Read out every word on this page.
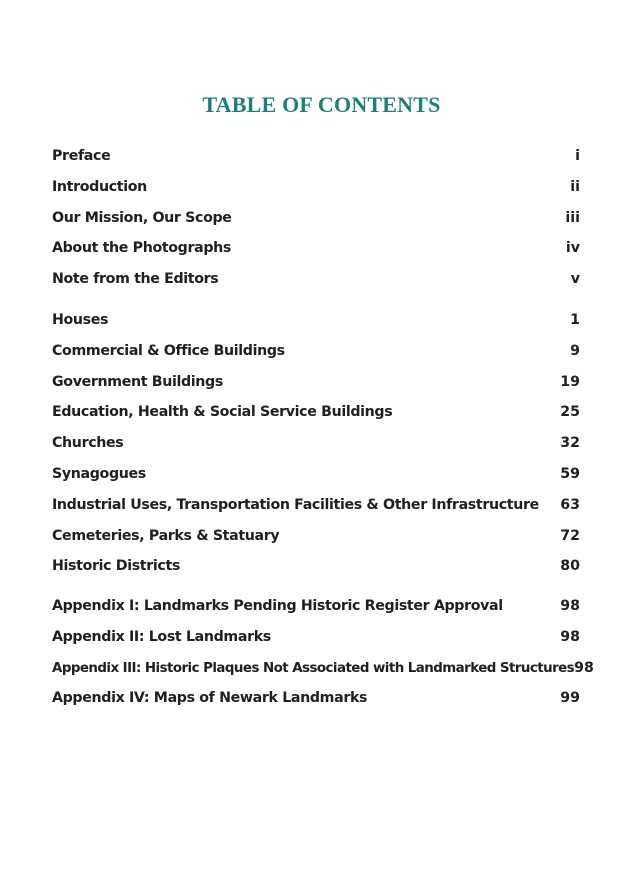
TABLE OF CONTENTS
Preface	i
Introduction	ii
Our Mission, Our Scope	iii
About the Photographs	iv
Note from the Editors	v
Houses	1
Commercial & Office Buildings	9
Government Buildings	19
Education, Health & Social Service Buildings	25
Churches	32
Synagogues	59
Industrial Uses, Transportation Facilities & Other Infrastructure 63
Cemeteries, Parks & Statuary	72
Historic Districts	80
Appendix I: Landmarks Pending Historic Register Approval	98
Appendix II: Lost Landmarks	98
Appendix III: Historic Plaques Not Associated with Landmarked Structures 98
Appendix IV: Maps of Newark Landmarks	99
